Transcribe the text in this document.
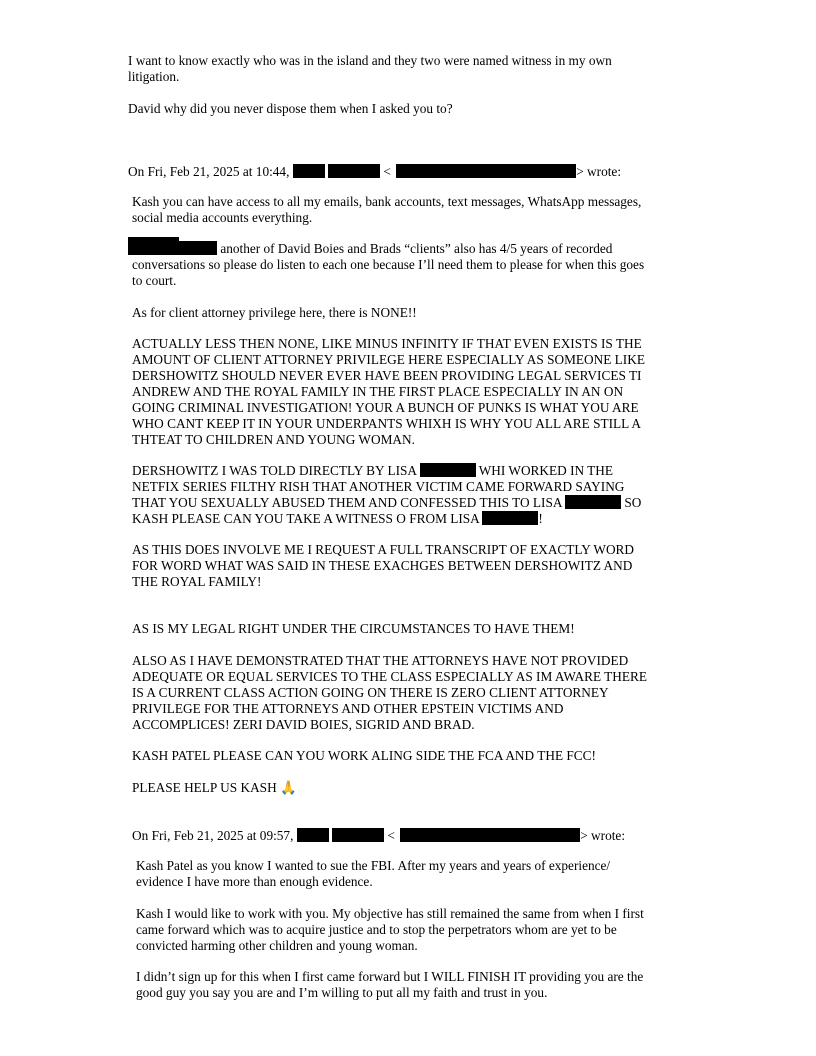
I want to know exactly who was in the island and they two were named witness in my own
litigation.
David why did you never dispose them when I asked you to?
On Fri, Feb 21, 2025 at 10:44,	<	> wrote:
Kash you can have access to all my emails, bank accounts, text messages, WhatsApp messages,
social media accounts everything.
another of David Boies and Brads “clients” also has 4/5 years of recorded
conversations so please do listen to each one because I’ll need them to please for when this goes
to court.
As for client attorney privilege here, there is NONE!!
ACTUALLY LESS THEN NONE, LIKE MINUS INFINITY IF THAT EVEN EXISTS IS THE
AMOUNT OF CLIENT ATTORNEY PRIVILEGE HERE ESPECIALLY AS SOMEONE LIKE
DERSHOWITZ SHOULD NEVER EVER HAVE BEEN PROVIDING LEGAL SERVICES TI
ANDREW AND THE ROYAL FAMILY IN THE FIRST PLACE ESPECIALLY IN AN ON
GOING CRIMINAL INVESTIGATION! YOUR A BUNCH OF PUNKS IS WHAT YOU ARE
WHO CANT KEEP IT IN YOUR UNDERPANTS WHIXH IS WHY YOU ALL ARE STILL A
THTEAT TO CHILDREN AND YOUNG WOMAN.
DERSHOWITZ I WAS TOLD DIRECTLY BY LISA	WHI WORKED IN THE
NETFIX SERIES FILTHY RISH THAT ANOTHER VICTIM CAME FORWARD SAYING
THAT YOU SEXUALLY ABUSED THEM AND CONFESSED THIS TO LISA	SO
KASH PLEASE CAN YOU TAKE A WITNESS O FROM LISA	!
AS THIS DOES INVOLVE ME I REQUEST A FULL TRANSCRIPT OF EXACTLY WORD
FOR WORD WHAT WAS SAID IN THESE EXACHGES BETWEEN DERSHOWITZ AND
THE ROYAL FAMILY!
AS IS MY LEGAL RIGHT UNDER THE CIRCUMSTANCES TO HAVE THEM!
ALSO AS I HAVE DEMONSTRATED THAT THE ATTORNEYS HAVE NOT PROVIDED
ADEQUATE OR EQUAL SERVICES TO THE CLASS ESPECIALLY AS IM AWARE THERE
IS A CURRENT CLASS ACTION GOING ON THERE IS ZERO CLIENT ATTORNEY
PRIVILEGE FOR THE ATTORNEYS AND OTHER EPSTEIN VICTIMS AND
ACCOMPLICES! ZERI DAVID BOIES, SIGRID AND BRAD.
KASH PATEL PLEASE CAN YOU WORK ALING SIDE THE FCA AND THE FCC!
PLEASE HELP US KASH 🙏
On Fri, Feb 21, 2025 at 09:57,	<	> wrote:
Kash Patel as you know I wanted to sue the FBI. After my years and years of experience/
evidence I have more than enough evidence.
Kash I would like to work with you. My objective has still remained the same from when I first
came forward which was to acquire justice and to stop the perpetrators whom are yet to be
convicted harming other children and young woman.
I didn’t sign up for this when I first came forward but I WILL FINISH IT providing you are the
good guy you say you are and I’m willing to put all my faith and trust in you.
